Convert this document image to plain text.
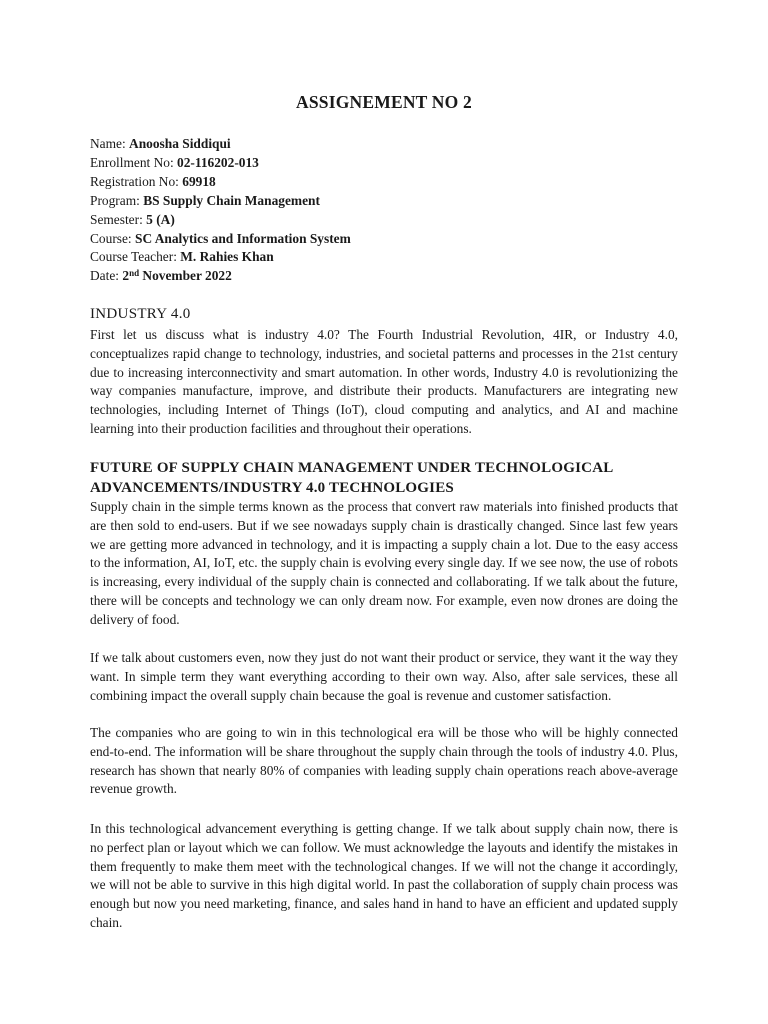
ASSIGNEMENT NO 2
Name: Anoosha Siddiqui
Enrollment No: 02-116202-013
Registration No: 69918
Program: BS Supply Chain Management
Semester: 5 (A)
Course: SC Analytics and Information System
Course Teacher: M. Rahies Khan
Date: 2nd November 2022
INDUSTRY 4.0

First let us discuss what is industry 4.0? The Fourth Industrial Revolution, 4IR, or Industry 4.0, conceptualizes rapid change to technology, industries, and societal patterns and processes in the 21st century due to increasing interconnectivity and smart automation. In other words, Industry 4.0 is revolutionizing the way companies manufacture, improve, and distribute their products. Manufacturers are integrating new technologies, including Internet of Things (IoT), cloud computing and analytics, and AI and machine learning into their production facilities and throughout their operations.

FUTURE OF SUPPLY CHAIN MANAGEMENT UNDER TECHNOLOGICAL ADVANCEMENTS/INDUSTRY 4.0 TECHNOLOGIES

Supply chain in the simple terms known as the process that convert raw materials into finished products that are then sold to end-users. But if we see nowadays supply chain is drastically changed. Since last few years we are getting more advanced in technology, and it is impacting a supply chain a lot. Due to the easy access to the information, AI, IoT, etc. the supply chain is evolving every single day. If we see now, the use of robots is increasing, every individual of the supply chain is connected and collaborating. If we talk about the future, there will be concepts and technology we can only dream now. For example, even now drones are doing the delivery of food.

If we talk about customers even, now they just do not want their product or service, they want it the way they want. In simple term they want everything according to their own way. Also, after sale services, these all combining impact the overall supply chain because the goal is revenue and customer satisfaction.

The companies who are going to win in this technological era will be those who will be highly connected end-to-end. The information will be share throughout the supply chain through the tools of industry 4.0. Plus, research has shown that nearly 80% of companies with leading supply chain operations reach above-average revenue growth.

In this technological advancement everything is getting change. If we talk about supply chain now, there is no perfect plan or layout which we can follow. We must acknowledge the layouts and identify the mistakes in them frequently to make them meet with the technological changes. If we will not the change it accordingly, we will not be able to survive in this high digital world. In past the collaboration of supply chain process was enough but now you need marketing, finance, and sales hand in hand to have an efficient and updated supply chain.
